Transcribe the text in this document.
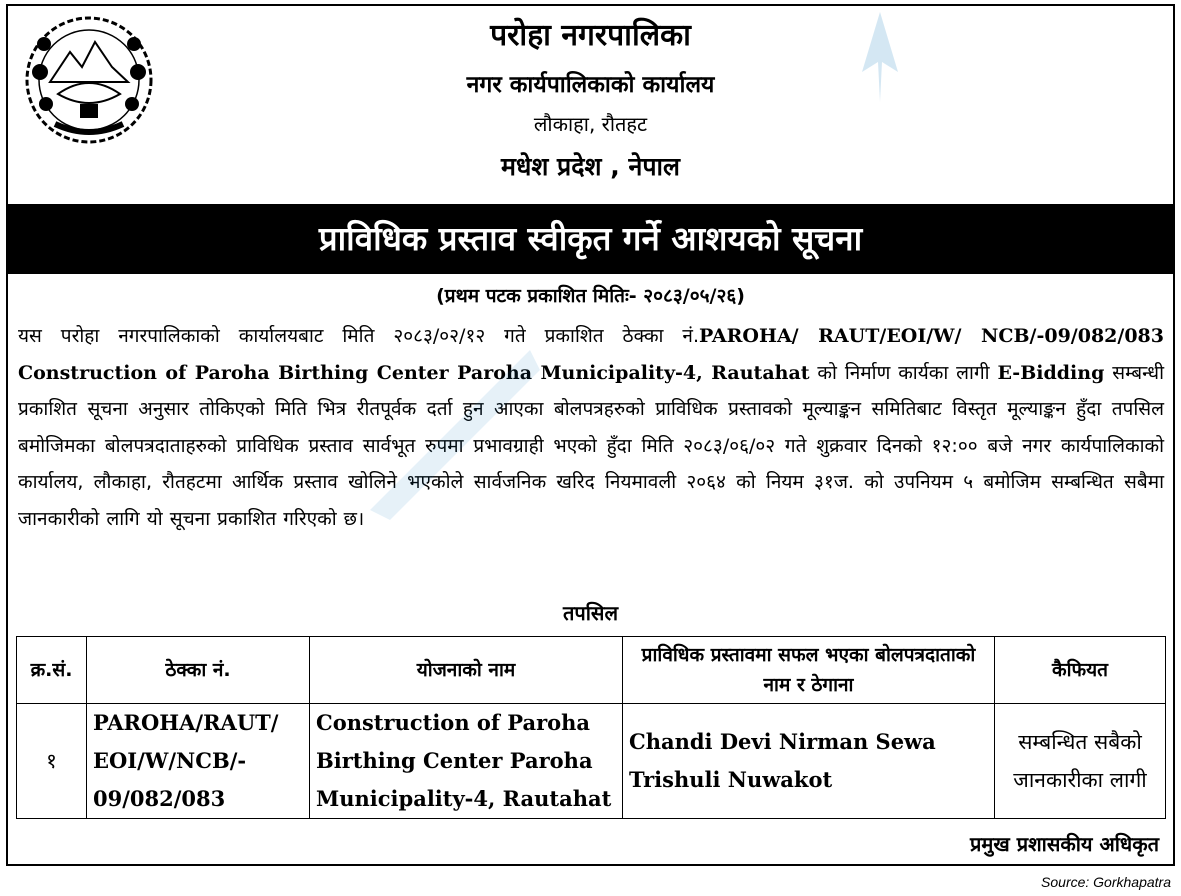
परोहा नगरपालिका
नगर कार्यपालिकाको कार्यालय
लौकाहा, रौतहट
मधेश प्रदेश , नेपाल
प्राविधिक प्रस्ताव स्वीकृत गर्ने आशयको सूचना
(प्रथम पटक प्रकाशित मितिः- २०८३/०५/२६)
यस परोहा नगरपालिकाको कार्यालयबाट मिति २०८३/०२/१२ गते प्रकाशित ठेक्का नं.PAROHA/ RAUT/EOI/W/ NCB/-09/082/083 Construction of Paroha Birthing Center Paroha Municipality-4, Rautahat को निर्माण कार्यका लागी E-Bidding सम्बन्धी प्रकाशित सूचना अनुसार तोकिएको मिति भित्र रीतपूर्वक दर्ता हुन आएका बोलपत्रहरुको प्राविधिक प्रस्तावको मूल्याङ्कन समितिबाट विस्तृत मूल्याङ्कन हुँदा तपसिल बमोजिमका बोलपत्रदाताहरुको प्राविधिक प्रस्ताव सार्वभूत रुपमा प्रभावग्राही भएको हुँदा मिति २०८३/०६/०२ गते शुक्रवार दिनको १२:०० बजे नगर कार्यपालिकाको कार्यालय, लौकाहा, रौतहटमा आर्थिक प्रस्ताव खोलिने भएकोले सार्वजनिक खरिद नियमावली २०६४ को नियम ३१ज. को उपनियम ५ बमोजिम सम्बन्धित सबैमा जानकारीको लागि यो सूचना प्रकाशित गरिएको छ।
तपसिल
क्र.सं.	ठेक्का नं.	योजनाको नाम	प्राविधिक प्रस्तावमा सफल भएका बोलपत्रदाताको नाम र ठेगाना	कैफियत
१	PAROHA/RAUT/ EOI/W/NCB/- 09/082/083	Construction of Paroha Birthing Center Paroha Municipality-4, Rautahat	Chandi Devi Nirman Sewa Trishuli Nuwakot	सम्बन्धित सबैको जानकारीका लागी
प्रमुख प्रशासकीय अधिकृत
Source: Gorkhapatra
